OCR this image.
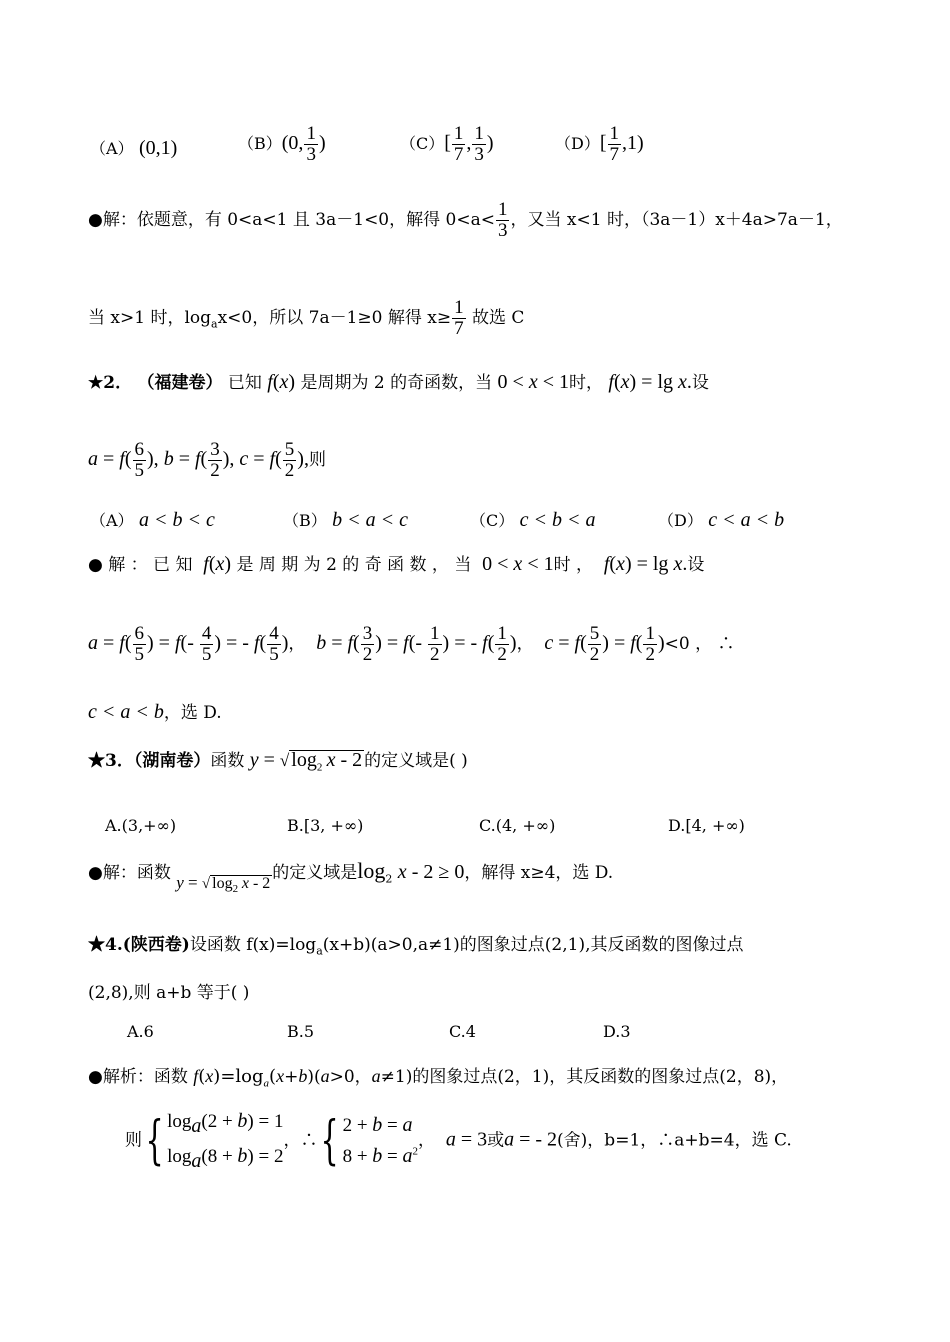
（A） (0,1)	（B）(0, $\frac{1}{3}$ )	$(C)[ \frac{1}{7}$ , $\frac{1}{3}$ )	$(D)[ \frac{1}{7} ,1)$
●解：依题意，有 0<a<1 且 3a－1<0，解得 $0<a< \frac{1}{3}$ ，又当 x<1 时，（3a－1）x＋4a>7a－1，
当 x>1 时，$\log_ax<0$，所以 7a－1≥0 解得 $x\ge \frac{1}{7}$ 故选 C
★2． （福建卷） 已知 f(x) 是周期为 2 的奇函数，当 0 < x < 1时， f(x) = lg x.设
$a = f( \frac{6}{5}$ ), $b = f( \frac{3}{2}$ ), $c = f( \frac{5}{2}$ ),则
（A） a < b < c	（B） b < a < c	（C） c < b < a	（D） c < a < b
● 解 ： 已 知 f(x) 是 周 期 为 2 的 奇 函 数 ， 当 0 < x < 1时 ， f(x) = lg x.设
$a = f( \frac{6}{5}$ ) = $f(- \frac{4}{5}$ ) = - $f( \frac{4}{5}$ )，  $b = f( \frac{3}{2}$ ) = $f(- \frac{1}{2}$ ) = - $f( \frac{1}{2}$ )，  $c = f( \frac{5}{2}$ ) = $f( \frac{1}{2} )<0$ ， ∴
c < a < b，选 D.
★3．（湖南卷）函数 y = √ $\log_2 x - 2$ 的定义域是( )
A.(3,+∞)	B.[3, +∞)	C.(4, +∞)	D.[4, +∞)
●解：函数 y = √ $\log_2 x - 2$的定义域是$\log_2 x - 2 \ge 0$，解得 x≥4，选 D.
★4.(陕西卷)设函数 $f(x)=\log_a(x+b)(a>0,a\ne 1)$的图象过点(2,1),其反函数的图像过点
(2,8),则 a+b 等于( )
A.6	B.5	C.4	D.3
●解析：函数 $f(x)=\log_a(x+b)(a>0$，a≠1)的图象过点(2，1)，其反函数的图象过点(2，8)，
则{ $\log_a(2 + b) = 1$
$\log_a(8 + b) = 2$，∴{ 2 + b = a
$8 + b = a^2$，  a = 3或a = - 2(舍)，b=1，∴a+b=4，选 C.
